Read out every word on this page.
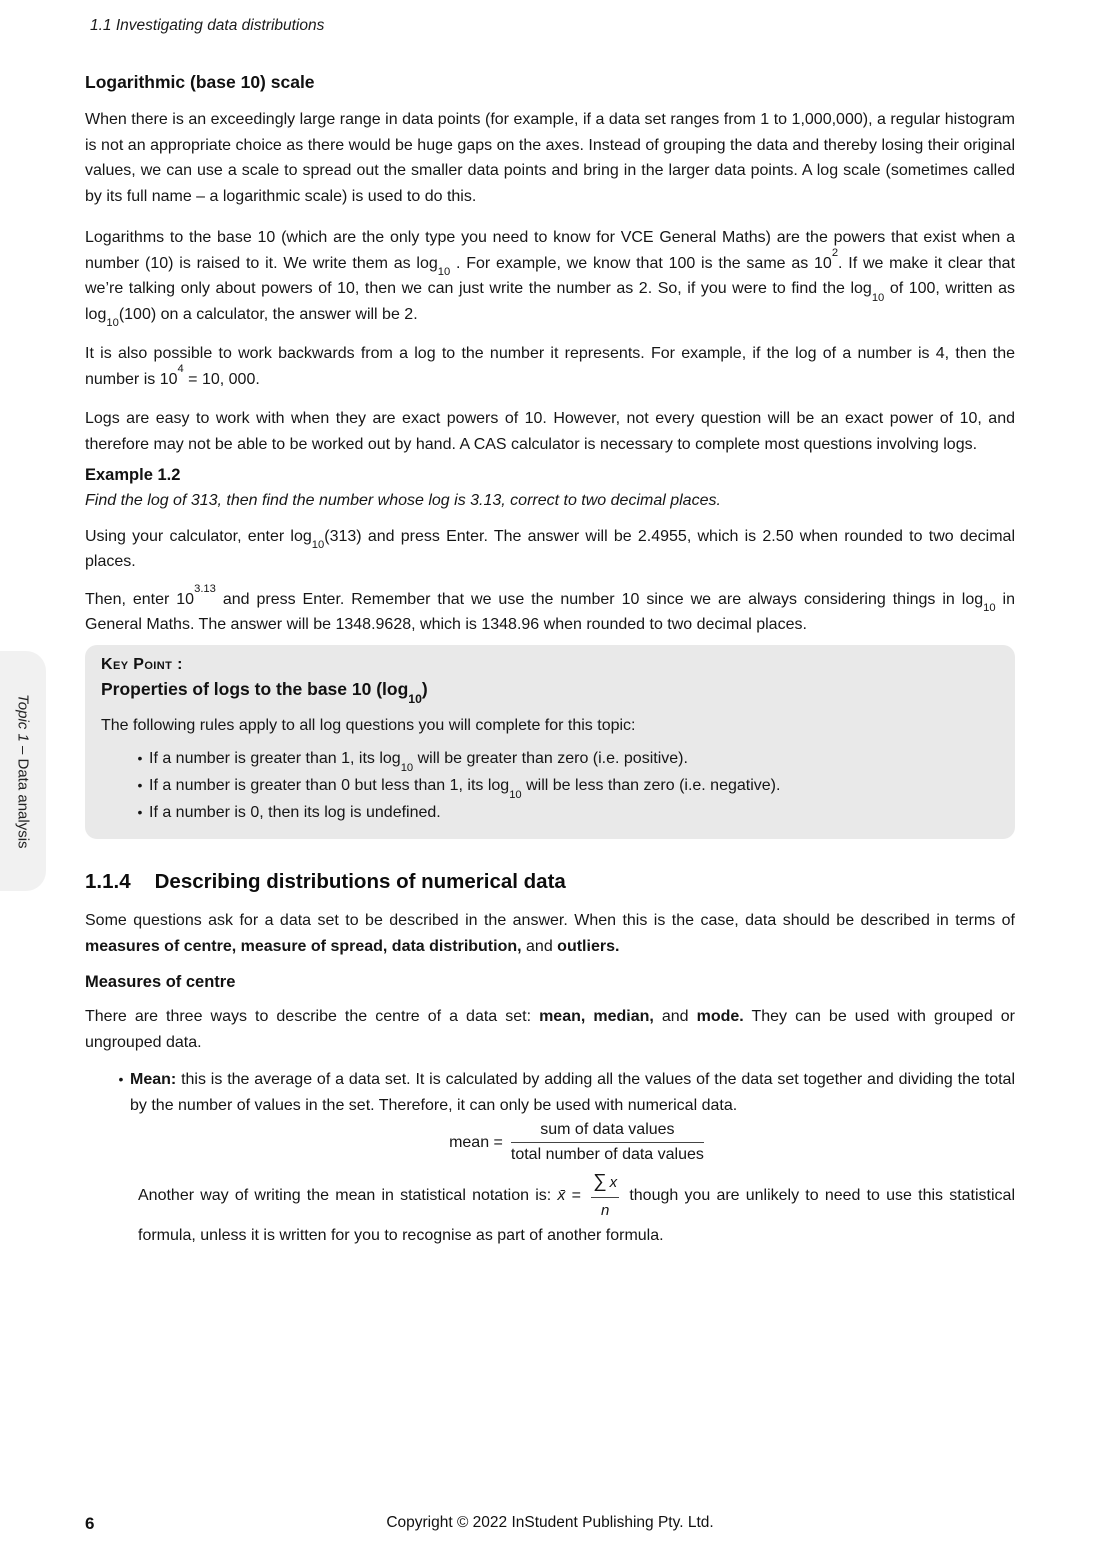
1.1 Investigating data distributions
Topic 1 – Data analysis
Logarithmic (base 10) scale

When there is an exceedingly large range in data points (for example, if a data set ranges from 1 to 1,000,000), a regular histogram is not an appropriate choice as there would be huge gaps on the axes. Instead of grouping the data and thereby losing their original values, we can use a scale to spread out the smaller data points and bring in the larger data points. A log scale (sometimes called by its full name – a logarithmic scale) is used to do this.

Logarithms to the base 10 (which are the only type you need to know for VCE General Maths) are the powers that exist when a number (10) is raised to it. We write them as $\log_{10}$ . For example, we know that 100 is the same as $10^2$. If we make it clear that we’re talking only about powers of 10, then we can just write the number as 2. So, if you were to find the $\log_{10}$ of 100, written as $\log_{10}(100)$ on a calculator, the answer will be 2.

It is also possible to work backwards from a log to the number it represents. For example, if the log of a number is 4, then the number is $10^4 = 10$, 000.

Logs are easy to work with when they are exact powers of 10. However, not every question will be an exact power of 10, and therefore may not be able to be worked out by hand. A CAS calculator is necessary to complete most questions involving logs.

Example 1.2

Find the log of 313, then find the number whose log is 3.13, correct to two decimal places.

Using your calculator, enter $\log_{10}(313)$ and press Enter. The answer will be 2.4955, which is 2.50 when rounded to two decimal places.

Then, enter $10^{3.13}$ and press Enter. Remember that we use the number 10 since we are always considering things in $\log_{10}$ in General Maths. The answer will be 1348.9628, which is 1348.96 when rounded to two decimal places.

Key Point :
Properties of logs to the base 10 $(\log_{10})$

The following rules apply to all log questions you will complete for this topic:

• If a number is greater than 1, its $\log_{10}$ will be greater than zero (i.e. positive).
• If a number is greater than 0 but less than 1, its $\log_{10}$ will be less than zero (i.e. negative).
• If a number is 0, then its log is undefined.
1.1.4 Describing distributions of numerical data

Some questions ask for a data set to be described in the answer. When this is the case, data should be described in terms of measures of centre, measure of spread, data distribution, and outliers.

Measures of centre

There are three ways to describe the centre of a data set: mean, median, and mode. They can be used with grouped or ungrouped data.

• Mean: this is the average of a data set. It is calculated by adding all the values of the data set together and dividing the total by the number of values in the set. Therefore, it can only be used with numerical data.
mean = $\frac{\text{sum of data values}}{\text{total number of data values}}$

Another way of writing the mean in statistical notation is: x̄ = $\frac{\sum x}{n}$ though you are unlikely to need to use this statistical formula, unless it is written for you to recognise as part of another formula.

6	Copyright © 2022 InStudent Publishing Pty. Ltd.
